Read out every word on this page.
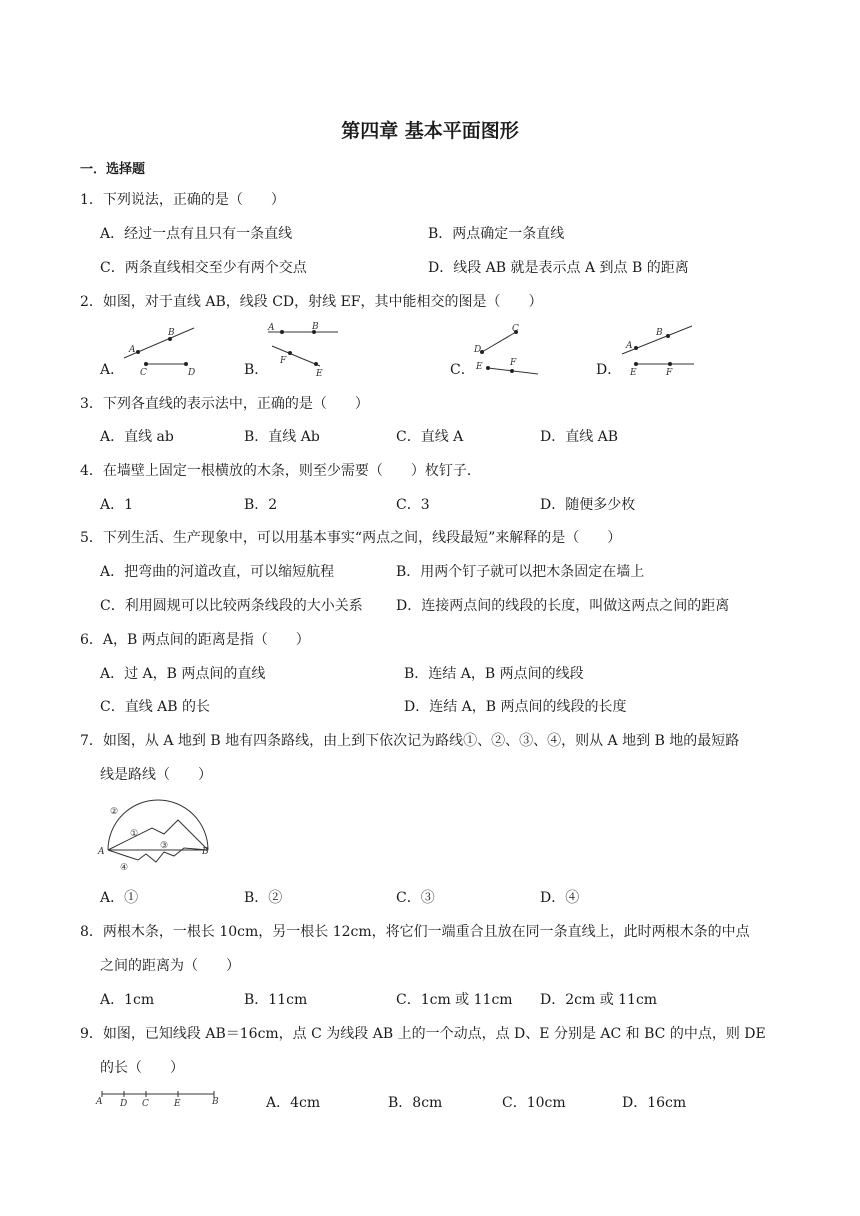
第四章 基本平面图形
一．选择题
1．下列说法，正确的是（　　）
A．经过一点有且只有一条直线	B．两点确定一条直线
C．两条直线相交至少有两个交点	D．线段 AB 就是表示点 A 到点 B 的距离
2．如图，对于直线 AB，线段 CD，射线 EF，其中能相交的图是（　　）
A．
A
B
C	D	B．
A	B
F
E	C．
C
D
E	F	D．
A
B
E	F
3．下列各直线的表示法中，正确的是（　　）
A．直线 ab	B．直线 Ab	C．直线 A	D．直线 AB
4．在墙壁上固定一根横放的木条，则至少需要（　　）枚钉子．
A．1	B．2	C．3	D．随便多少枚
5．下列生活、生产现象中，可以用基本事实“两点之间，线段最短”来解释的是（　　）
A．把弯曲的河道改直，可以缩短航程	B．用两个钉子就可以把木条固定在墙上
C．利用圆规可以比较两条线段的大小关系 D．连接两点间的线段的长度，叫做这两点之间的距离
6．A，B 两点间的距离是指（　　）
A．过 A，B 两点间的直线	B．连结 A，B 两点间的线段
C．直线 AB 的长	D．连结 A，B 两点间的线段的长度
7．如图，从 A 地到 B 地有四条路线，由上到下依次记为路线①、②、③、④，则从 A 地到 B 地的最短路
线是路线（　　）
②
①
③
④
A	B
A．①	B．②	C．③	D．④
8．两根木条，一根长 10cm，另一根长 12cm，将它们一端重合且放在同一条直线上，此时两根木条的中点
之间的距离为（　　）
A．1cm	B．11cm	C．1cm 或 11cm D．2cm 或 11cm
9．如图，已知线段 AB＝16cm，点 C 为线段 AB 上的一个动点，点 D、E 分别是 AC 和 BC 的中点，则 DE
的长（　　）
A D C	E	B	A．4cm	B．8cm	C．10cm	D．16cm
